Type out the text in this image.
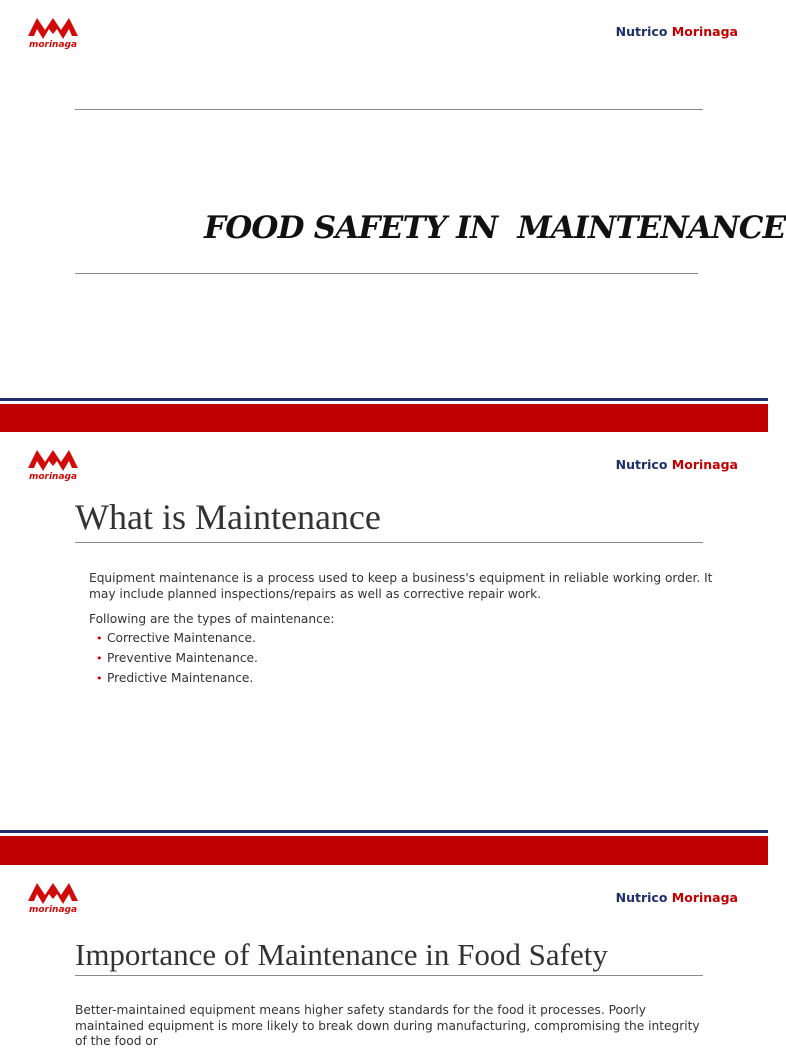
morinaga
Nutrico Morinaga
FOOD SAFETY IN  MAINTENANCE
morinaga
Nutrico Morinaga
What is Maintenance
Equipment maintenance is a process used to keep a business's equipment in reliable working order. It may include planned inspections/repairs as well as corrective repair work.
Following are the types of maintenance:
• Corrective Maintenance.
• Preventive Maintenance.
• Predictive Maintenance.
morinaga
Nutrico Morinaga
Importance of Maintenance in Food Safety
Better-maintained equipment means higher safety standards for the food it processes. Poorly maintained equipment is more likely to break down during manufacturing, compromising the integrity of the food or
